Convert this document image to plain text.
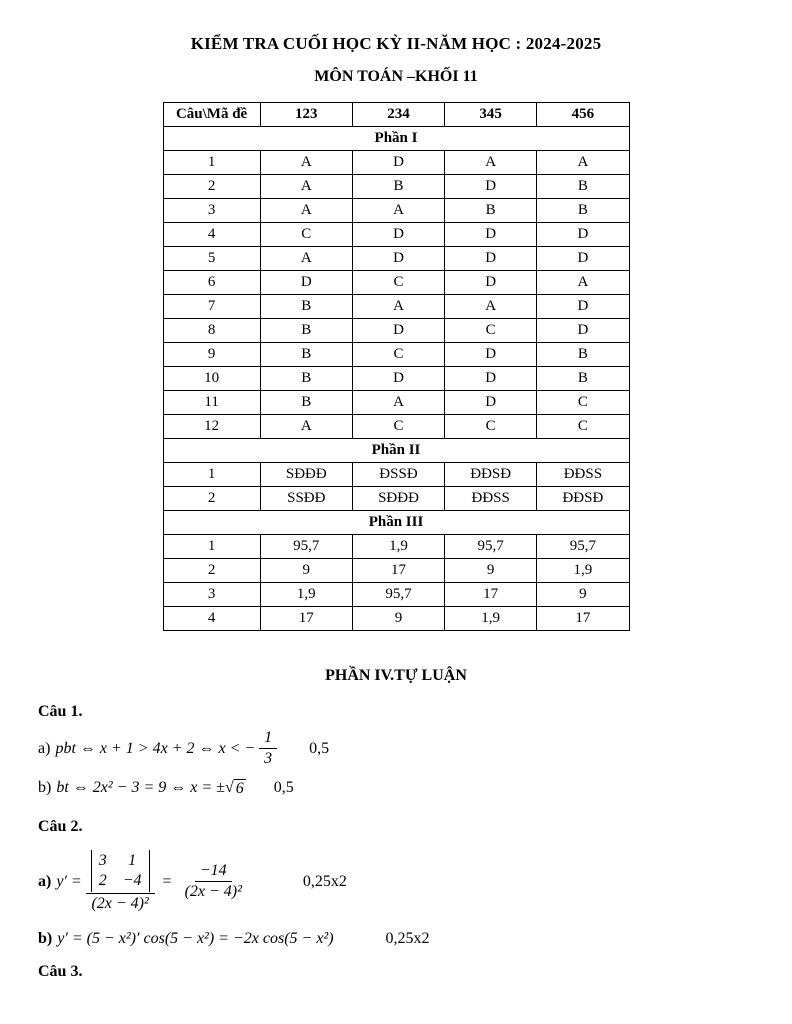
KIỂM TRA CUỐI HỌC KỲ II-NĂM HỌC : 2024-2025
MÔN TOÁN –KHỐI 11
Câu\Mã đề	123	234	345	456
Phần I				
1	A	D	A	A
2	A	B	D	B
3	A	A	B	B
4	C	D	D	D
5	A	D	D	D
6	D	C	D	A
7	B	A	A	D
8	B	D	C	D
9	B	C	D	B
10	B	D	D	B
11	B	A	D	C
12	A	C	C	C
Phần II				
1	SĐĐĐ	ĐSSĐ	ĐĐSĐ	ĐĐSS
2	SSĐĐ	SĐĐĐ	ĐĐSS	ĐĐSĐ
Phần III				
1	95,7	1,9	95,7	95,7
2	9	17	9	1,9
3	1,9	95,7	17	9
4	17	9	1,9	17
PHẦN IV.TỰ LUẬN
Câu 1.
a) pbt ⇔ x + 1 > 4x + 2 ⇔ x < − $\frac{1}{3} 0,5$
b) bt ⇔ 2x² − 3 = 9 ⇔ x = ± √ 6 0,5
Câu 2.
a) y′ = 3	1
2 −4
$(2x - 4)^2 = \frac{-14}{\text{(2x − 4)²}}$	0,25x2
b) y′ = (5 − x²)′ cos(5 − x²) = −2x cos(5 − x²)	0,25x2
Câu 3.
